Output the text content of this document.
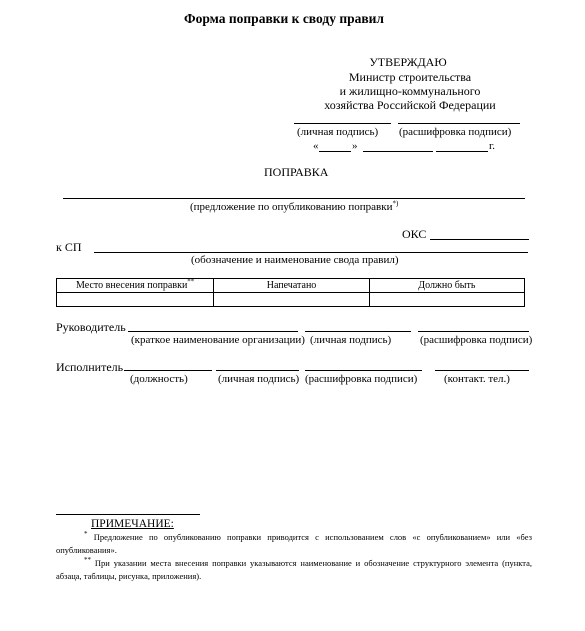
Форма поправки к своду правил
УТВЕРЖДАЮ
Министр строительства
и жилищно-коммунального
хозяйства Российской Федерации
(личная подпись) (расшифровка подписи)
«	»	г.
ПОПРАВКА
(предложение по опубликованию поправки*)
ОКС
к СП
(обозначение и наименование свода правил)
Место внесения поправки**	Напечатано	Должно быть

Руководитель
(краткое наименование организации) (личная подпись)	(расшифровка подписи)
Исполнитель
(должность)	(личная подпись) (расшифровка подписи) (контакт. тел.)
ПРИМЕЧАНИЕ:

* Предложение по опубликованию поправки приводится с использованием слов «с опубликованием» или «без опубликования».

** При указании места внесения поправки указываются наименование и обозначение структурного элемента (пункта, абзаца, таблицы, рисунка, приложения).
